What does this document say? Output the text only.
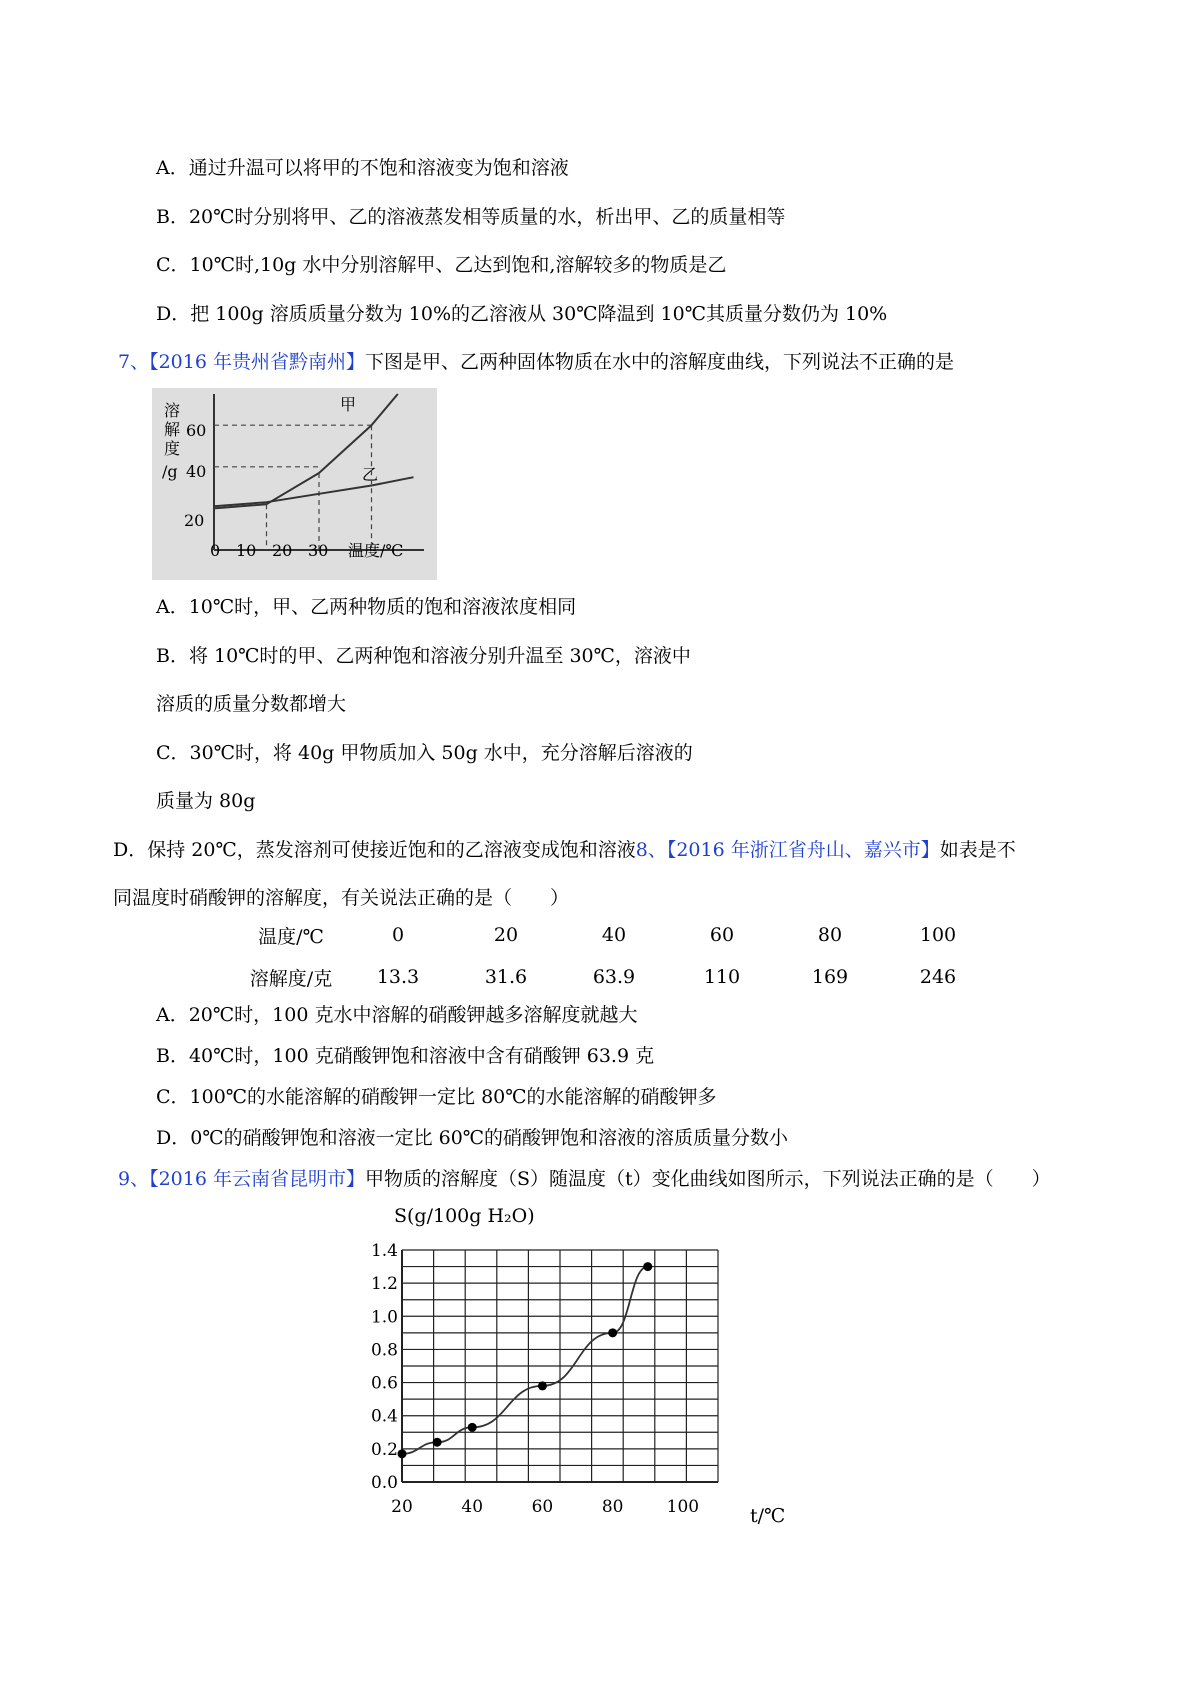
A．通过升温可以将甲的不饱和溶液变为饱和溶液
B．20℃时分别将甲、乙的溶液蒸发相等质量的水，析出甲、乙的质量相等
C．10℃时,10g 水中分别溶解甲、乙达到饱和,溶解较多的物质是乙
D．把 100g 溶质质量分数为 10%的乙溶液从 30℃降温到 10℃其质量分数仍为 10%
7、【2016 年贵州省黔南州】下图是甲、乙两种固体物质在水中的溶解度曲线，下列说法不正确的是
溶
解
度
/g
20
40
60
0 10 20 30 温度/℃
甲
乙
A．10℃时，甲、乙两种物质的饱和溶液浓度相同
B．将 10℃时的甲、乙两种饱和溶液分别升温至 30℃，溶液中
溶质的质量分数都增大
C．30℃时，将 40g 甲物质加入 50g 水中，充分溶解后溶液的
质量为 80g
D．保持 20℃，蒸发溶剂可使接近饱和的乙溶液变成饱和溶液8、【2016 年浙江省舟山、嘉兴市】如表是不
同温度时硝酸钾的溶解度，有关说法正确的是（　　）
温度/℃	0	20	40	60	80	100
溶解度/克	13.3	31.6	63.9	110	169	246
A．20℃时，100 克水中溶解的硝酸钾越多溶解度就越大
B．40℃时，100 克硝酸钾饱和溶液中含有硝酸钾 63.9 克
C．100℃的水能溶解的硝酸钾一定比 80℃的水能溶解的硝酸钾多
D．0℃的硝酸钾饱和溶液一定比 60℃的硝酸钾饱和溶液的溶质质量分数小
9、【2016 年云南省昆明市】甲物质的溶解度（S）随温度（t）变化曲线如图所示，下列说法正确的是（　　）
S(g/100g H₂O)
t/℃
0.0
0.2
0.4
0.6
0.8
1.0
1.2
1.4
20	40	60	80	100
